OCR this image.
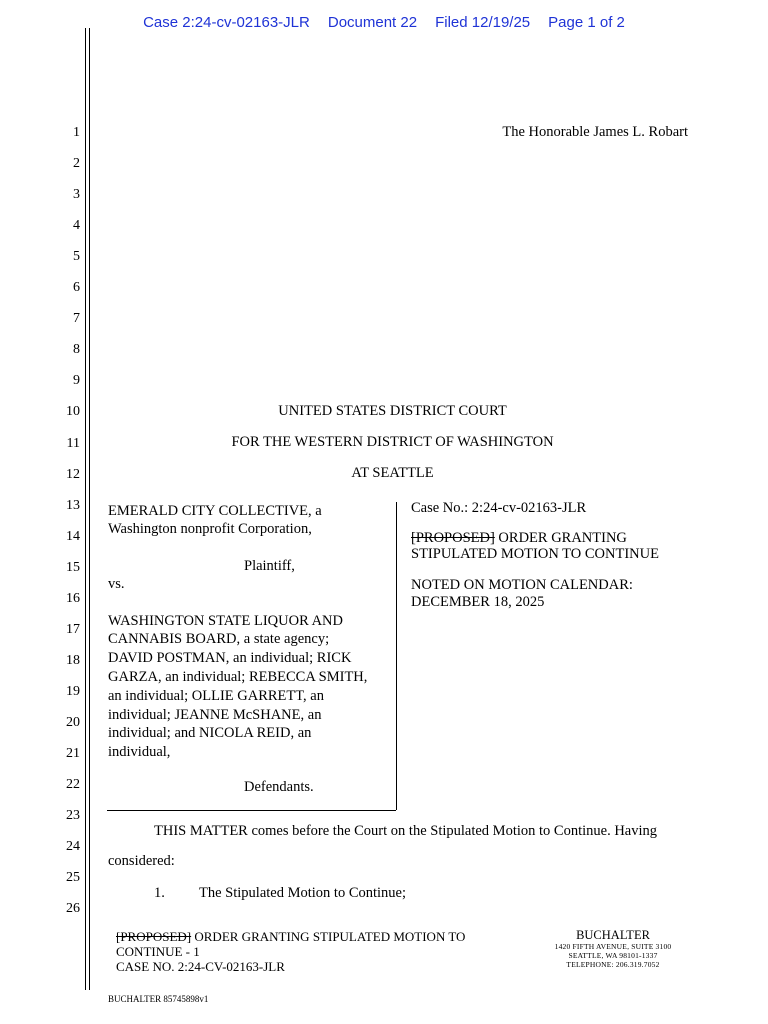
Case 2:24-cv-02163-JLR Document 22 Filed 12/19/25 Page 1 of 2
1
2
3
4
5
6
7
8
9
10
11
12
13
14
15
16
17
18
19
20
21
22
23
24
25
26
The Honorable James L. Robart
UNITED STATES DISTRICT COURT
FOR THE WESTERN DISTRICT OF WASHINGTON
AT SEATTLE
EMERALD CITY COLLECTIVE, a
Washington nonprofit Corporation,
Plaintiff,
vs.
WASHINGTON STATE LIQUOR AND
CANNABIS BOARD, a state agency;
DAVID POSTMAN, an individual; RICK
GARZA, an individual; REBECCA SMITH,
an individual; OLLIE GARRETT, an
individual; JEANNE McSHANE, an
individual; and NICOLA REID, an
individual,
Defendants.
Case No.: 2:24-cv-02163-JLR
[PROPOSED] ORDER GRANTING
STIPULATED MOTION TO CONTINUE
NOTED ON MOTION CALENDAR:
DECEMBER 18, 2025
THIS MATTER comes before the Court on the Stipulated Motion to Continue. Having
considered:
1. The Stipulated Motion to Continue;
[PROPOSED] ORDER GRANTING STIPULATED MOTION TO
CONTINUE - 1
CASE NO. 2:24-CV-02163-JLR
BUCHALTER
1420 FIFTH AVENUE, SUITE 3100
SEATTLE, WA 98101-1337
TELEPHONE: 206.319.7052
BUCHALTER 85745898v1
